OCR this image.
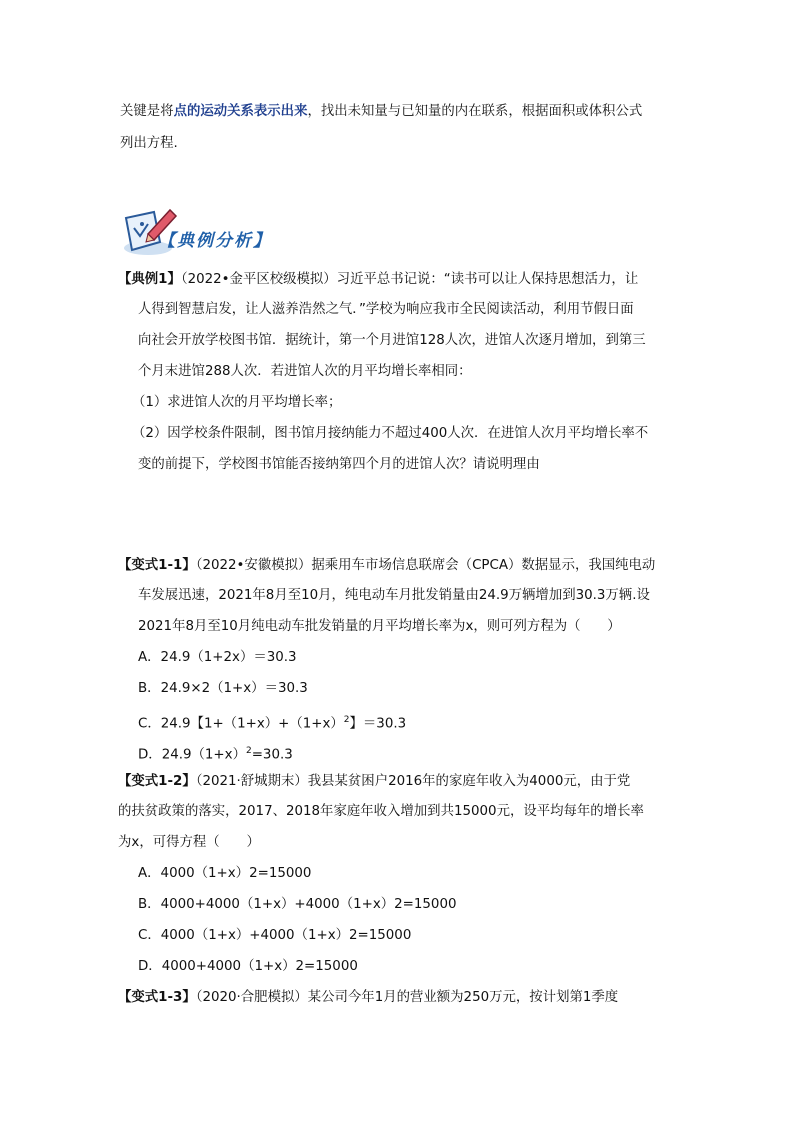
关键是将点的运动关系表示出来，找出未知量与已知量的内在联系，根据面积或体积公式
列出方程.
【典例分析】
【典例1】（2022•金平区校级模拟）习近平总书记说：“读书可以让人保持思想活力，让
人得到智慧启发，让人滋养浩然之气．”学校为响应我市全民阅读活动，利用节假日面
向社会开放学校图书馆．据统计，第一个月进馆128人次，进馆人次逐月增加，到第三
个月末进馆288人次．若进馆人次的月平均增长率相同：
（1）求进馆人次的月平均增长率；
（2）因学校条件限制，图书馆月接纳能力不超过400人次．在进馆人次月平均增长率不
变的前提下，学校图书馆能否接纳第四个月的进馆人次？请说明理由
【变式1-1】（2022•安徽模拟）据乘用车市场信息联席会（CPCA）数据显示，我国纯电动
车发展迅速，2021年8月至10月，纯电动车月批发销量由24.9万辆增加到30.3万辆.设
2021年8月至10月纯电动车批发销量的月平均增长率为x，则可列方程为（　　）
A．24.9（1+2x）＝30.3
B．24.9×2（1+x）＝30.3
C．24.9【$1+(1+x)+(1+x)^2$】＝30.3
D．$24.9(1+x)^2=30.3$
【变式1-2】（2021·舒城期末）我县某贫困户2016年的家庭年收入为4000元，由于党
的扶贫政策的落实，2017、2018年家庭年收入增加到共15000元，设平均每年的增长率
为x，可得方程（　　）
A．4000（1+x）2=15000
B．4000+4000（1+x）+4000（1+x）2=15000
C．4000（1+x）+4000（1+x）2=15000
D．4000+4000（1+x）2=15000
【变式1-3】（2020·合肥模拟）某公司今年1月的营业额为250万元，按计划第1季度
